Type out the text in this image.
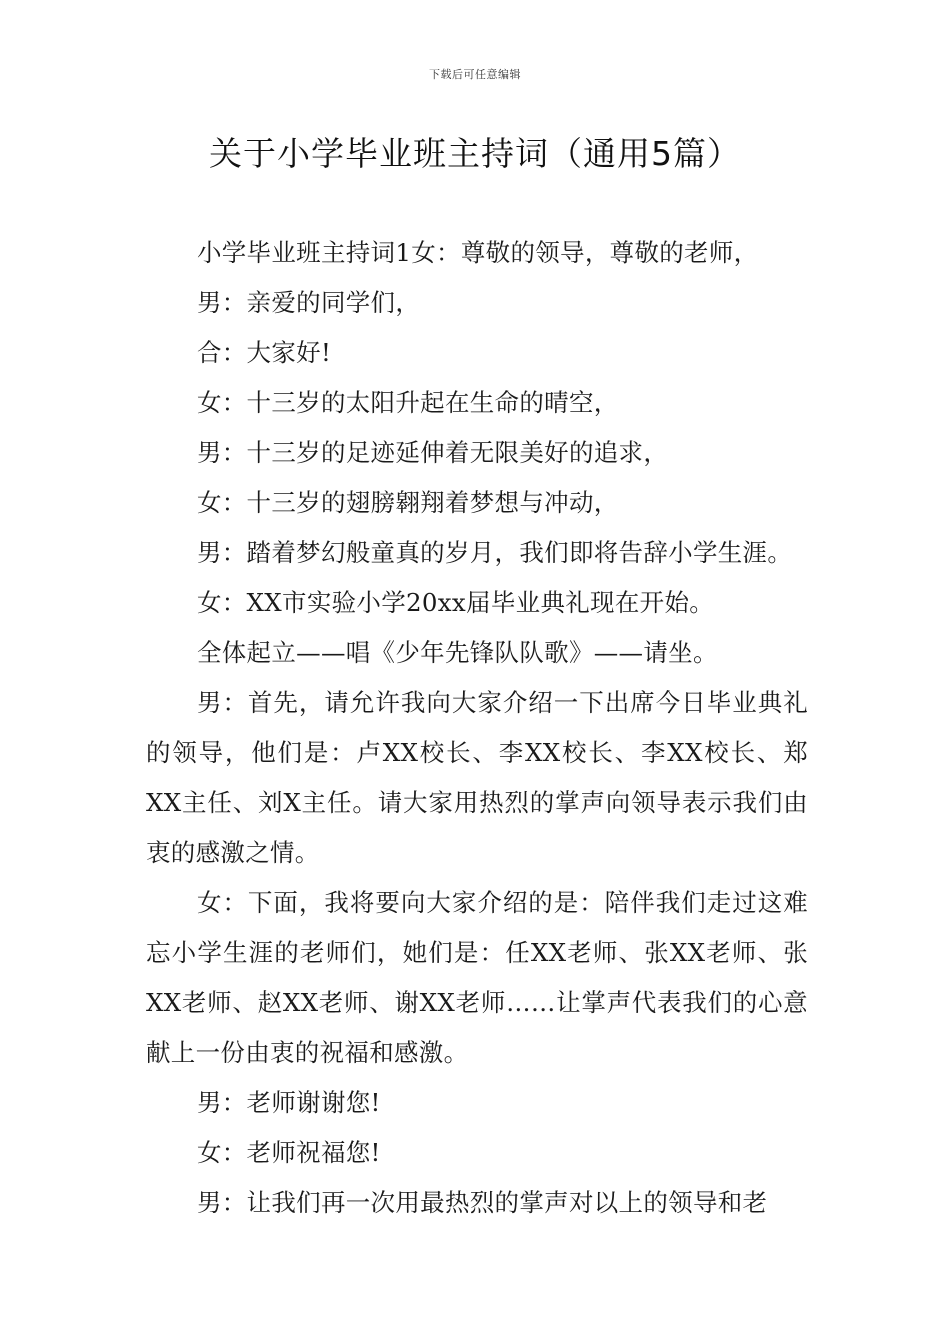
下载后可任意编辑
关于小学毕业班主持词（通用5篇）

小学毕业班主持词1女：尊敬的领导，尊敬的老师，

男：亲爱的同学们，

合：大家好!

女：十三岁的太阳升起在生命的晴空，

男：十三岁的足迹延伸着无限美好的追求，

女：十三岁的翅膀翱翔着梦想与冲动，

男：踏着梦幻般童真的岁月，我们即将告辞小学生涯。

女：XX市实验小学20xx届毕业典礼现在开始。

全体起立——唱《少年先锋队队歌》——请坐。

男：首先，请允许我向大家介绍一下出席今日毕业典礼的领导，他们是：卢XX校长、李XX校长、李XX校长、郑XX主任、刘X主任。请大家用热烈的掌声向领导表示我们由衷的感激之情。

女：下面，我将要向大家介绍的是：陪伴我们走过这难忘小学生涯的老师们，她们是：任XX老师、张XX老师、张XX老师、赵XX老师、谢XX老师……让掌声代表我们的心意献上一份由衷的祝福和感激。

男：老师谢谢您!

女：老师祝福您!

男：让我们再一次用最热烈的掌声对以上的领导和老
